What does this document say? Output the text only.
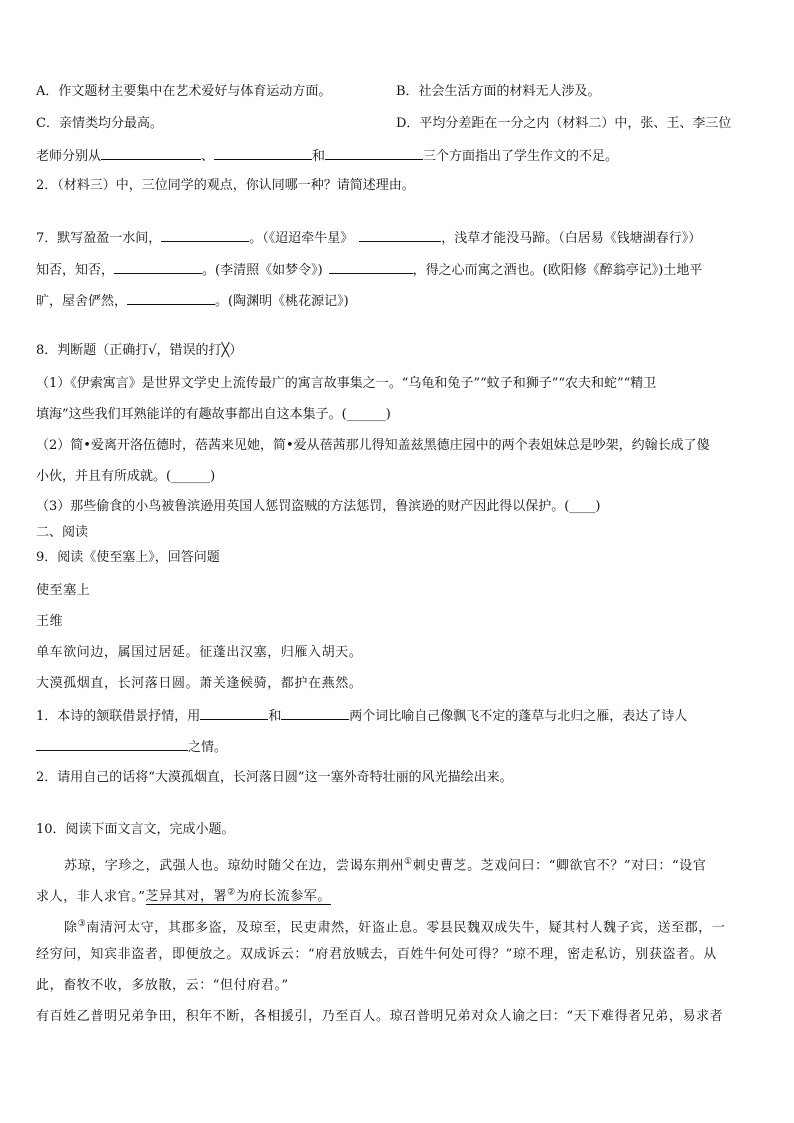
A．作文题材主要集中在艺术爱好与体育运动方面。	B．社会生活方面的材料无人涉及。
C．亲情类均分最高。	D．平均分差距在一分之内（材料二）中，张、王、李三位
老师分别从	、	和	三个方面指出了学生作文的不足。
2．（材料三）中，三位同学的观点，你认同哪一种？请简述理由。
7．默写盈盈一水间，	。（《迢迢牵牛星》	，浅草才能没马蹄。（白居易《钱塘湖春行》）
知否，知否，	。(李清照《如梦令》)	，得之心而寓之酒也。(欧阳修《醉翁亭记》)土地平
旷，屋舍俨然，	。(陶渊明《桃花源记》)
8．判断题（正确打√，错误的打╳）
（1）《伊索寓言》是世界文学史上流传最广的寓言故事集之一。“乌龟和兔子”“蚊子和狮子”“农夫和蛇”“精卫
填海”这些我们耳熟能详的有趣故事都出自这本集子。(______)
（2）简•爱离开洛伍德时，蓓茜来见她，简•爱从蓓茜那儿得知盖兹黑德庄园中的两个表姐妹总是吵架，约翰长成了傻
小伙，并且有所成就。(______)
（3）那些偷食的小鸟被鲁滨逊用英国人惩罚盗贼的方法惩罚，鲁滨逊的财产因此得以保护。(____)
二、阅读
9．阅读《使至塞上》，回答问题
使至塞上
王维
单车欲问边，属国过居延。征蓬出汉塞，归雁入胡天。
大漠孤烟直，长河落日圆。萧关逢候骑，都护在燕然。
1．本诗的颔联借景抒情，用	和	两个词比喻自己像飘飞不定的蓬草与北归之雁，表达了诗人
之情。
2．请用自己的话将“大漠孤烟直，长河落日圆”这一塞外奇特壮丽的风光描绘出来。
10．阅读下面文言文，完成小题。
苏琼，字珍之，武强人也。琼幼时随父在边，尝谒东荆州①刺史曹芝。芝戏问曰：“卿欲官不？”对曰：“设官
求人，非人求官。”芝异其对，署②为府长流参军。
除③南清河太守，其郡多盗，及琼至，民吏肃然，奸盗止息。零县民魏双成失牛，疑其村人魏子宾，送至郡，一
经穷问，知宾非盗者，即便放之。双成诉云：“府君放贼去，百姓牛何处可得？”琼不理，密走私访，别获盗者。从
此，畜牧不收，多放散，云：“但付府君。”
有百姓乙普明兄弟争田，积年不断，各相援引，乃至百人。琼召普明兄弟对众人谕之曰：“天下难得者兄弟，易求者
